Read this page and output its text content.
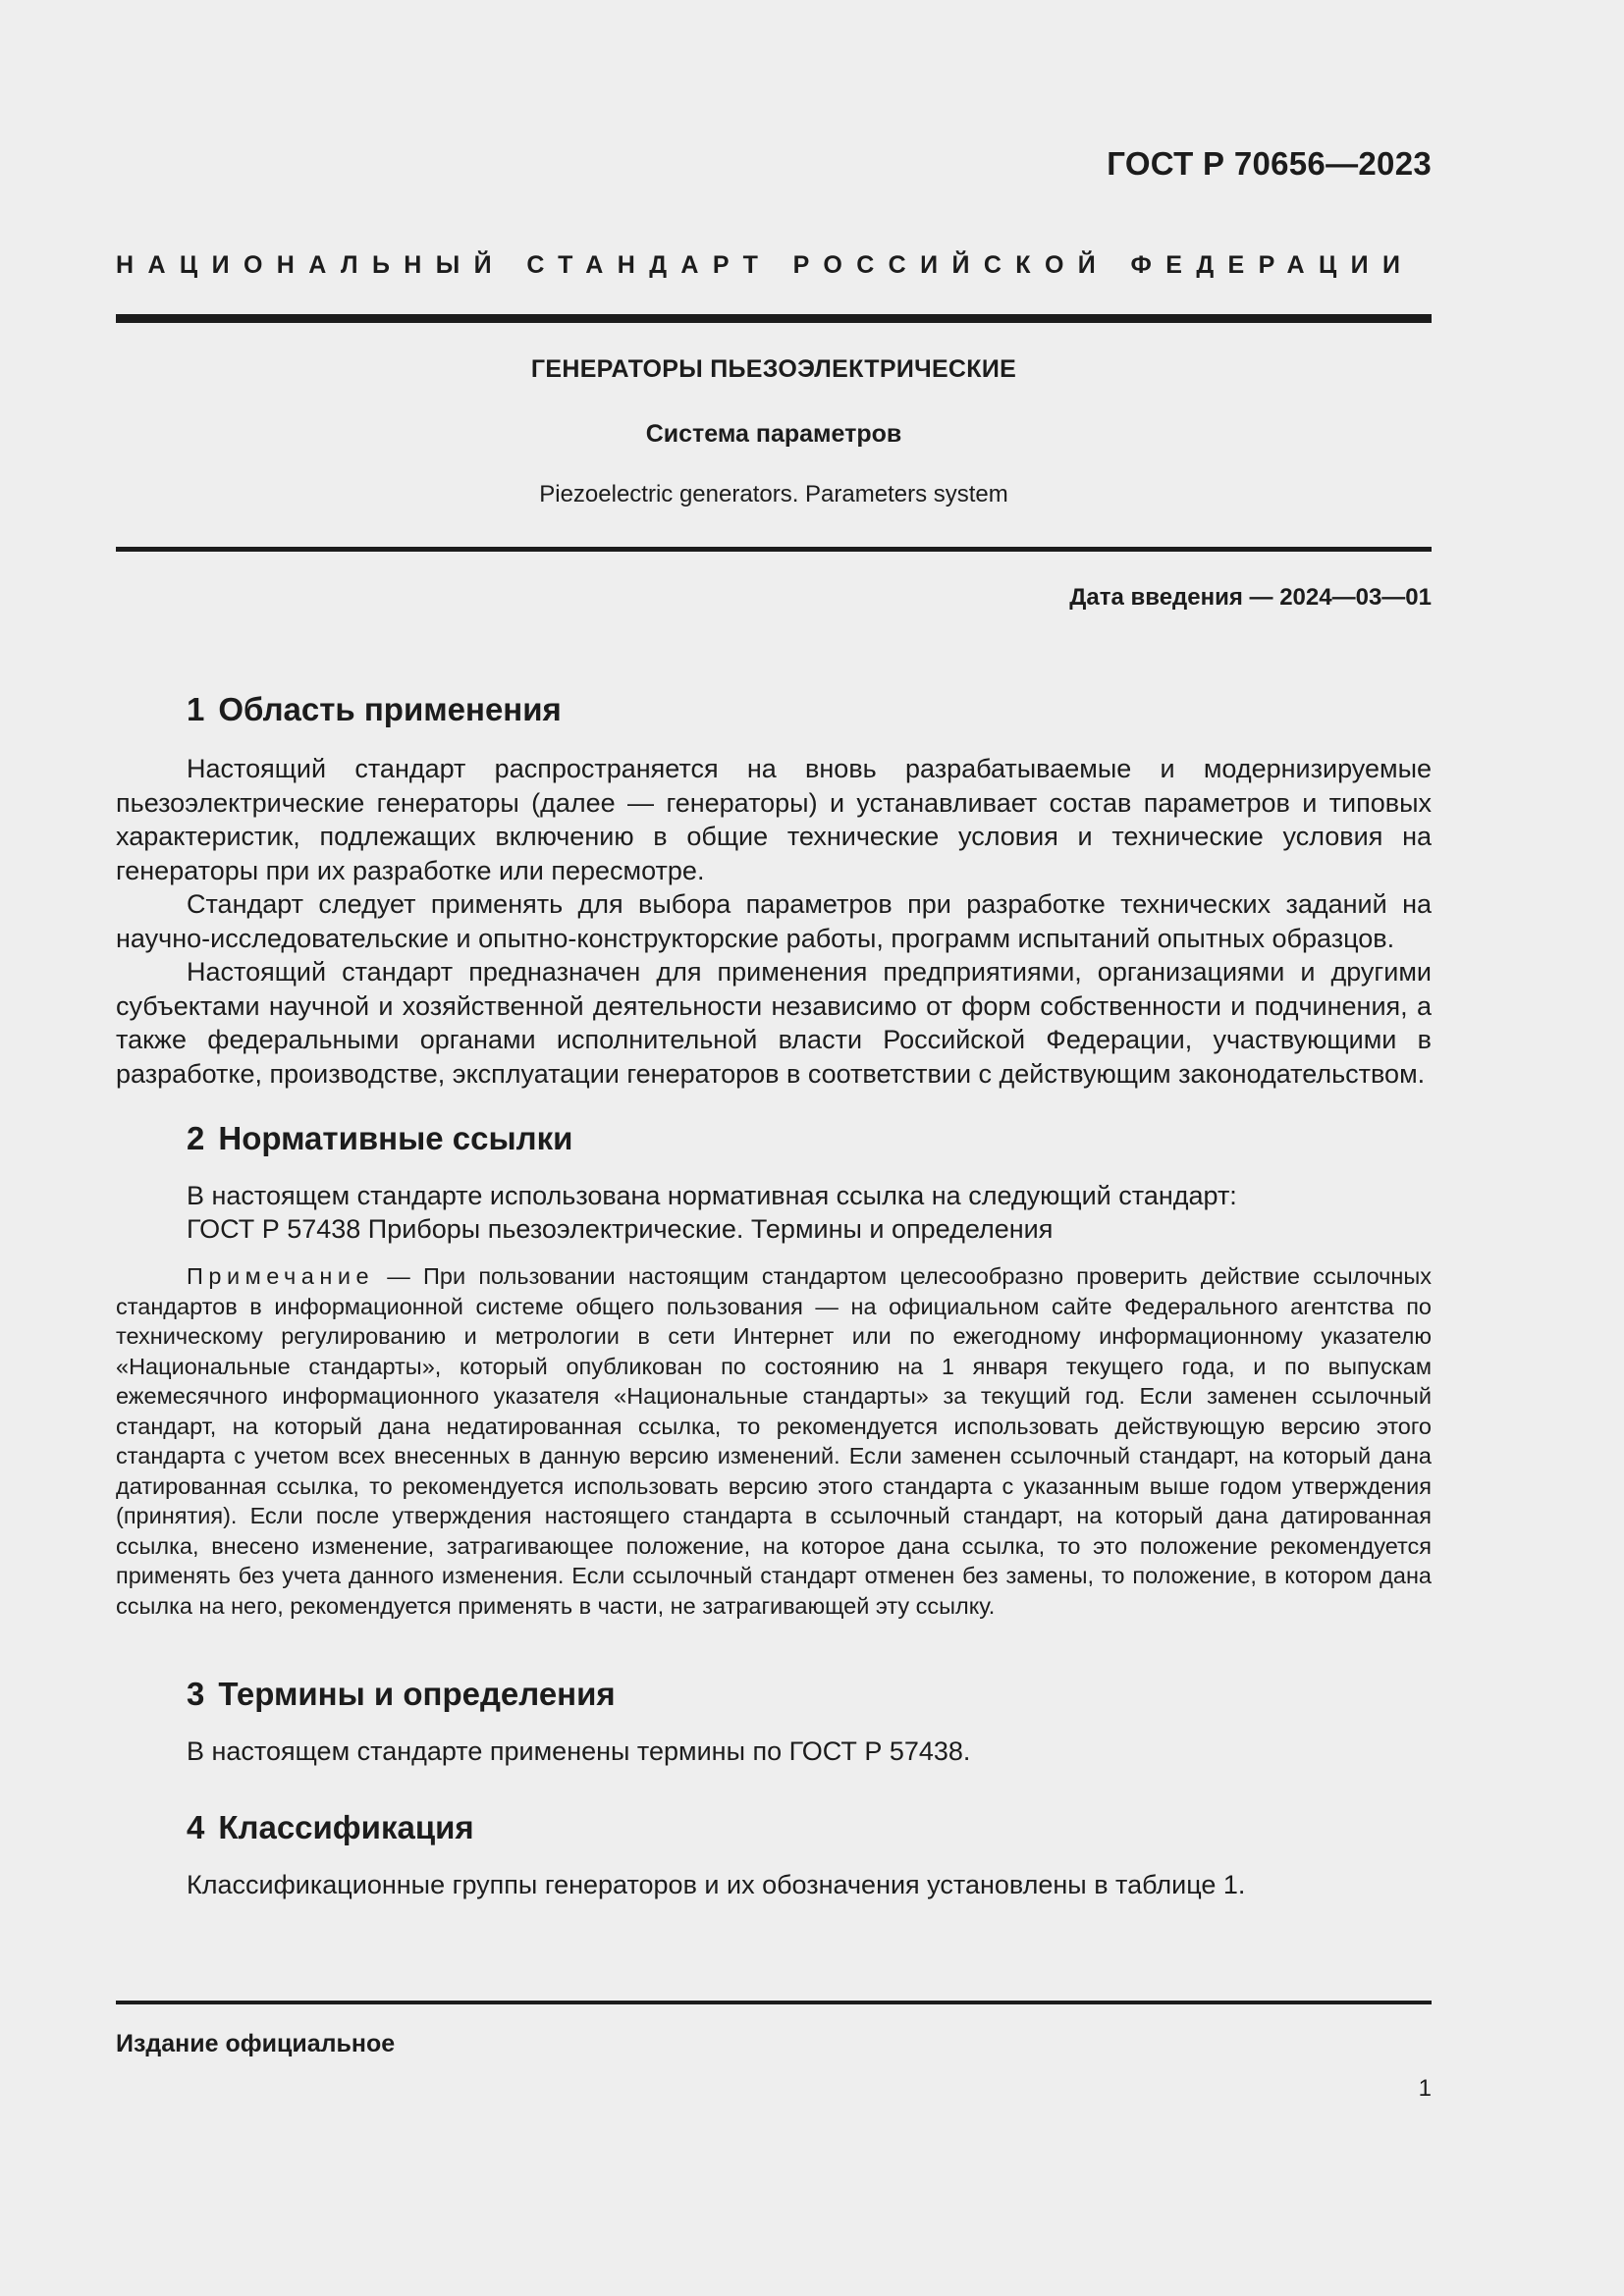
ГОСТ Р 70656—2023
НАЦИОНАЛЬНЫЙ СТАНДАРТ РОССИЙСКОЙ ФЕДЕРАЦИИ
ГЕНЕРАТОРЫ ПЬЕЗОЭЛЕКТРИЧЕСКИЕ
Система параметров
Piezoelectric generators. Parameters system
Дата введения — 2024—03—01
1 Область применения

Настоящий стандарт распространяется на вновь разрабатываемые и модернизируемые пьезоэлектрические генераторы (далее — генераторы) и устанавливает состав параметров и типовых характеристик, подлежащих включению в общие технические условия и технические условия на генераторы при их разработке или пересмотре.

Стандарт следует применять для выбора параметров при разработке технических заданий на научно-исследовательские и опытно-конструкторские работы, программ испытаний опытных образцов.

Настоящий стандарт предназначен для применения предприятиями, организациями и другими субъектами научной и хозяйственной деятельности независимо от форм собственности и подчинения, а также федеральными органами исполнительной власти Российской Федерации, участвующими в разработке, производстве, эксплуатации генераторов в соответствии с действующим законодательством.

2 Нормативные ссылки
В настоящем стандарте использована нормативная ссылка на следующий стандарт:
ГОСТ Р 57438 Приборы пьезоэлектрические. Термины и определения
Примечание — При пользовании настоящим стандартом целесообразно проверить действие ссылочных стандартов в информационной системе общего пользования — на официальном сайте Федерального агентства по техническому регулированию и метрологии в сети Интернет или по ежегодному информационному указателю «Национальные стандарты», который опубликован по состоянию на 1 января текущего года, и по выпускам ежемесячного информационного указателя «Национальные стандарты» за текущий год. Если заменен ссылочный стандарт, на который дана недатированная ссылка, то рекомендуется использовать действующую версию этого стандарта с учетом всех внесенных в данную версию изменений. Если заменен ссылочный стандарт, на который дана датированная ссылка, то рекомендуется использовать версию этого стандарта с указанным выше годом утверждения (принятия). Если после утверждения настоящего стандарта в ссылочный стандарт, на который дана датированная ссылка, внесено изменение, затрагивающее положение, на которое дана ссылка, то это положение рекомендуется применять без учета данного изменения. Если ссылочный стандарт отменен без замены, то положение, в котором дана ссылка на него, рекомендуется применять в части, не затрагивающей эту ссылку.
3 Термины и определения
В настоящем стандарте применены термины по ГОСТ Р 57438.
4 Классификация
Классификационные группы генераторов и их обозначения установлены в таблице 1.
Издание официальное
1
